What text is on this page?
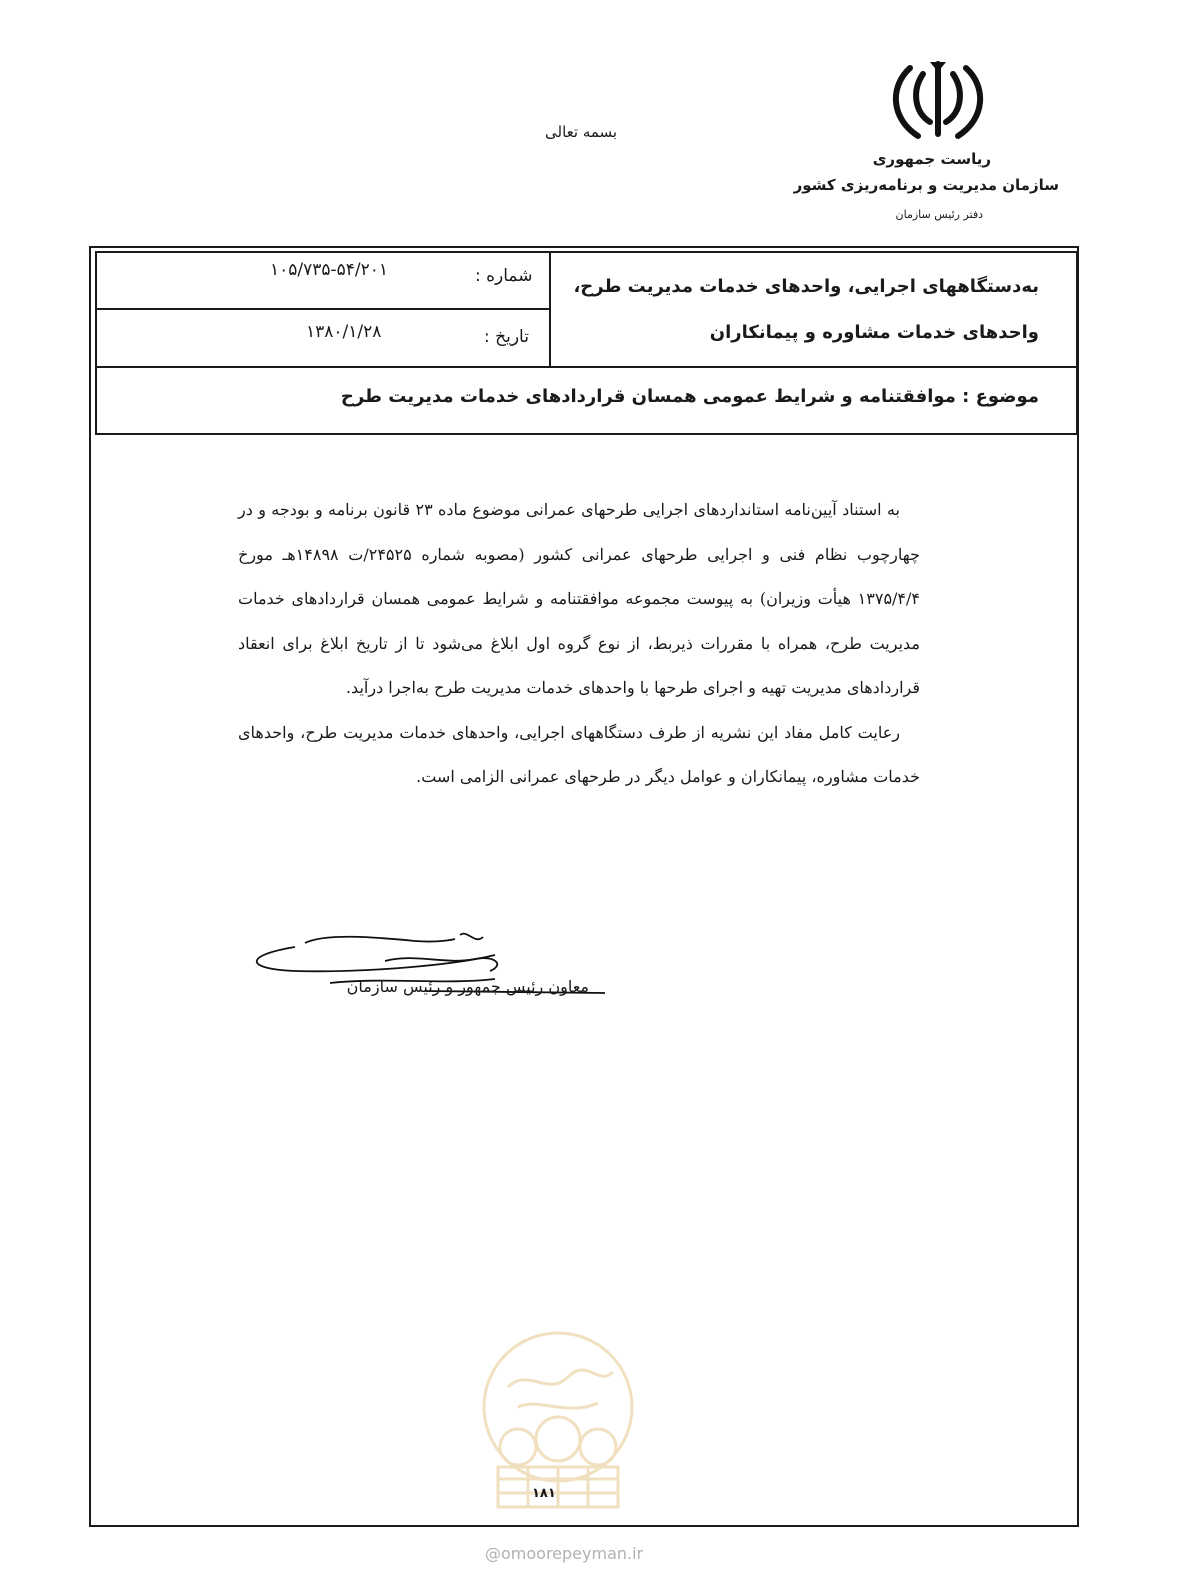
بسمه تعالی
ریاست جمهوری
سازمان مدیریت و برنامه‌ریزی کشور
دفتر رئیس سازمان
به‌دستگاههای اجرایی، واحدهای خدمات مدیریت طرح،
واحدهای خدمات مشاوره و پیمانکاران
شماره :
۱۰۵/۷۳۵-۵۴/۲۰۱
تاریخ :
۱۳۸۰/۱/۲۸
موضوع : موافقتنامه و شرایط عمومی همسان قراردادهای خدمات مدیریت طرح

به استناد آیین‌نامه استانداردهای اجرایی طرحهای عمرانی موضوع ماده ۲۳ قانون برنامه و بودجه و در چهارچوب نظام فنی و اجرایی طرحهای عمرانی کشور (مصوبه شماره ۲۴۵۲۵/ت ۱۴۸۹۸هـ مورخ ۱۳۷۵/۴/۴ هیأت وزیران) به پیوست مجموعه موافقتنامه و شرایط عمومی همسان قراردادهای خدمات مدیریت طرح، همراه با مقررات ذیربط، از نوع گروه اول ابلاغ می‌شود تا از تاریخ ابلاغ برای انعقاد قراردادهای مدیریت تهیه و اجرای طرحها با واحدهای خدمات مدیریت طرح به‌اجرا درآید.

رعایت کامل مفاد این نشریه از طرف دستگاههای اجرایی، واحدهای خدمات مدیریت طرح، واحدهای خدمات مشاوره، پیمانکاران و عوامل دیگر در طرحهای عمرانی الزامی است.

معاون رئیس جمهور و رئیس سازمان
۱۸۱
@omoorepeyman.ir
